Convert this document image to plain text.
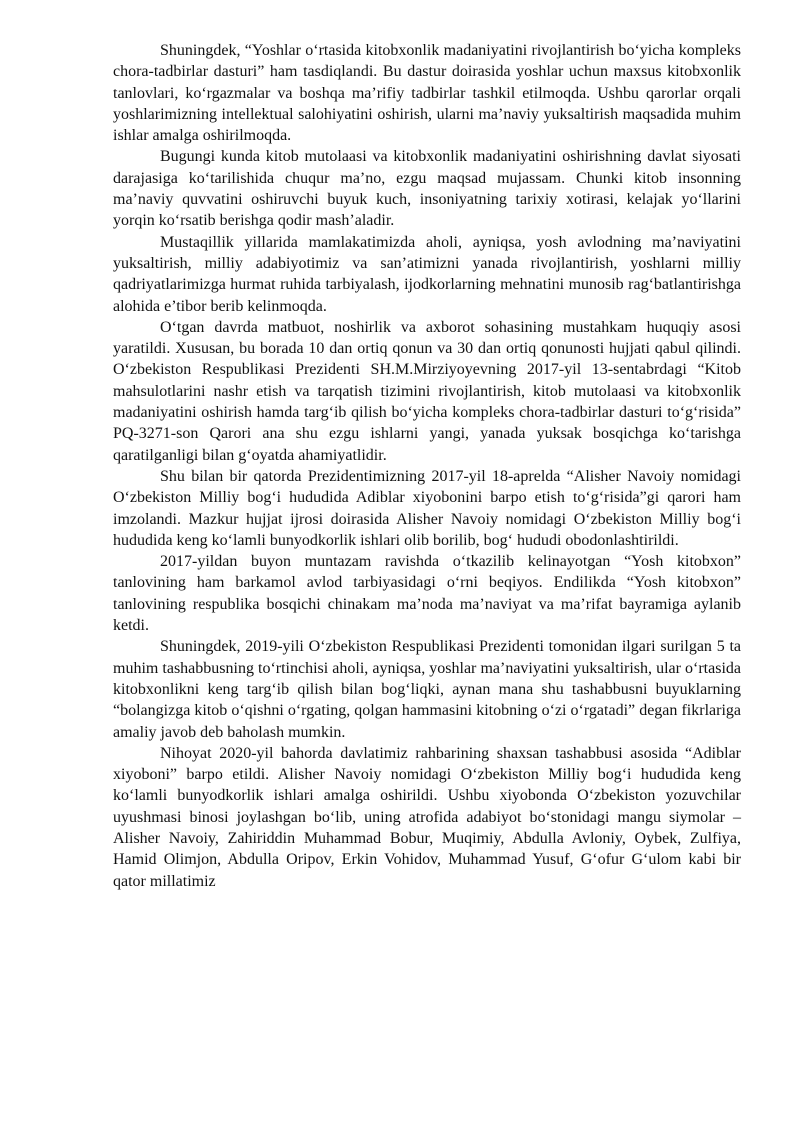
Shuningdek, “Yoshlar o‘rtasida kitobxonlik madaniyatini rivojlantirish bo‘yicha kompleks chora-tadbirlar dasturi” ham tasdiqlandi. Bu dastur doirasida yoshlar uchun maxsus kitobxonlik tanlovlari, ko‘rgazmalar va boshqa ma’rifiy tadbirlar tashkil etilmoqda. Ushbu qarorlar orqali yoshlarimizning intellektual salohiyatini oshirish, ularni ma’naviy yuksaltirish maqsadida muhim ishlar amalga oshirilmoqda.

Bugungi kunda kitob mutolaasi va kitobxonlik madaniyatini oshirishning davlat siyosati darajasiga ko‘tarilishida chuqur ma’no, ezgu maqsad mujassam. Chunki kitob insonning ma’naviy quvvatini oshiruvchi buyuk kuch, insoniyatning tarixiy xotirasi, kelajak yo‘llarini yorqin ko‘rsatib berishga qodir mash’aladir.

Mustaqillik yillarida mamlakatimizda aholi, ayniqsa, yosh avlodning ma’naviyatini yuksaltirish, milliy adabiyotimiz va san’atimizni yanada rivojlantirish, yoshlarni milliy qadriyatlarimizga hurmat ruhida tarbiyalash, ijodkorlarning mehnatini munosib rag‘batlantirishga alohida e’tibor berib kelinmoqda.

O‘tgan davrda matbuot, noshirlik va axborot sohasining mustahkam huquqiy asosi yaratildi. Xususan, bu borada 10 dan ortiq qonun va 30 dan ortiq qonunosti hujjati qabul qilindi. O‘zbekiston Respublikasi Prezidenti SH.M.Mirziyoyevning 2017-yil 13-sentabrdagi “Kitob mahsulotlarini nashr etish va tarqatish tizimini rivojlantirish, kitob mutolaasi va kitobxonlik madaniyatini oshirish hamda targ‘ib qilish bo‘yicha kompleks chora-tadbirlar dasturi to‘g‘risida” PQ-3271-son Qarori ana shu ezgu ishlarni yangi, yanada yuksak bosqichga ko‘tarishga qaratilganligi bilan g‘oyatda ahamiyatlidir.

Shu bilan bir qatorda Prezidentimizning 2017-yil 18-aprelda “Alisher Navoiy nomidagi O‘zbekiston Milliy bog‘i hududida Adiblar xiyobonini barpo etish to‘g‘risida”gi qarori ham imzolandi. Mazkur hujjat ijrosi doirasida Alisher Navoiy nomidagi O‘zbekiston Milliy bog‘i hududida keng ko‘lamli bunyodkorlik ishlari olib borilib, bog‘ hududi obodonlashtirildi.

2017-yildan buyon muntazam ravishda o‘tkazilib kelinayotgan “Yosh kitobxon” tanlovining ham barkamol avlod tarbiyasidagi o‘rni beqiyos. Endilikda “Yosh kitobxon” tanlovining respublika bosqichi chinakam ma’noda ma’naviyat va ma’rifat bayramiga aylanib ketdi.

Shuningdek, 2019-yili O‘zbekiston Respublikasi Prezidenti tomonidan ilgari surilgan 5 ta muhim tashabbusning to‘rtinchisi aholi, ayniqsa, yoshlar ma’naviyatini yuksaltirish, ular o‘rtasida kitobxonlikni keng targ‘ib qilish bilan bog‘liqki, aynan mana shu tashabbusni buyuklarning “bolangizga kitob o‘qishni o‘rgating, qolgan hammasini kitobning o‘zi o‘rgatadi” degan fikrlariga amaliy javob deb baholash mumkin.

Nihoyat 2020-yil bahorda davlatimiz rahbarining shaxsan tashabbusi asosida “Adiblar xiyoboni” barpo etildi. Alisher Navoiy nomidagi O‘zbekiston Milliy bog‘i hududida keng ko‘lamli bunyodkorlik ishlari amalga oshirildi. Ushbu xiyobonda O‘zbekiston yozuvchilar uyushmasi binosi joylashgan bo‘lib, uning atrofida adabiyot bo‘stonidagi mangu siymolar – Alisher Navoiy, Zahiriddin Muhammad Bobur, Muqimiy, Abdulla Avloniy, Oybek, Zulfiya, Hamid Olimjon, Abdulla Oripov, Erkin Vohidov, Muhammad Yusuf, G‘ofur G‘ulom kabi bir qator millatimiz
